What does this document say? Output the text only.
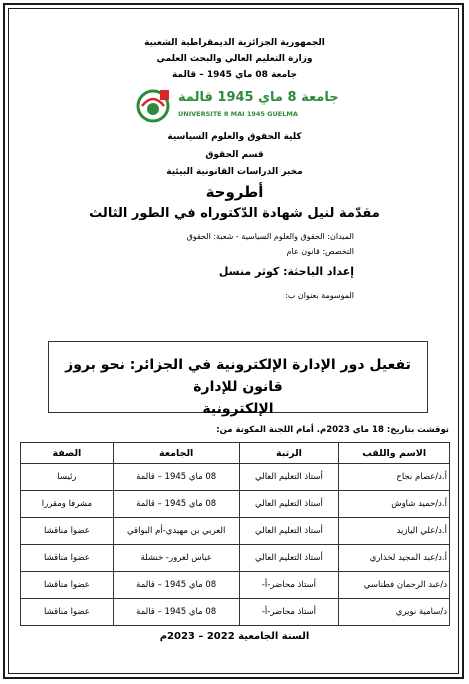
الجمهورية الجزائرية الديمقراطية الشعبية
وزارة التعليم العالي والبحث العلمي
جامعة 08 ماي 1945 – قالمة
جامعة 8 ماي 1945 قالمة
UNIVERSITE 8 MAI 1945 GUELMA
كلية الحقوق والعلوم السياسية
قسم الحقوق
مخبر الدراسات القانونية البيئية
أطروحة
مقدّمة لنيل شهادة الدّكتوراه في الطور الثالث
الميدان: الحقوق والعلوم السياسية - شعبة: الحقوق
التخصص: قانون عام
إعداد الباحثة: كوثر منسل
الموسومة بعنوان ب:
تفعيل دور الإدارة الإلكترونية في الجزائر: نحو بروز قانون للإدارة
الإلكترونية
نوقشت بتاريخ: 18 ماي 2023م. أمام اللجنة المكونة من:
الاسم واللقب	الرتبة	الجامعة	الصفة
أ.د/عصام نجاح	أستاذ التعليم العالي	08 ماي 1945 – قالمة	رئيسا
أ.د/حميد شاوش	أستاذ التعليم العالي	08 ماي 1945 – قالمة	مشرفا ومقررا
أ.د/علي اليازيد	أستاذ التعليم العالي	العربي بن مهيدي-أم البواقي	عضوا مناقشا
أ.د/عبد المجيد لخذاري	أستاذ التعليم العالي	عباس لغرور- خنشلة	عضوا مناقشا
د/عبد الرحمان فطناسي	أستاذ محاضر-أ-	08 ماي 1945 – قالمة	عضوا مناقشا
د/سامية نويري	أستاذ محاضر-أ-	08 ماي 1945 – قالمة	عضوا مناقشا
السنة الجامعية 2022 – 2023م
